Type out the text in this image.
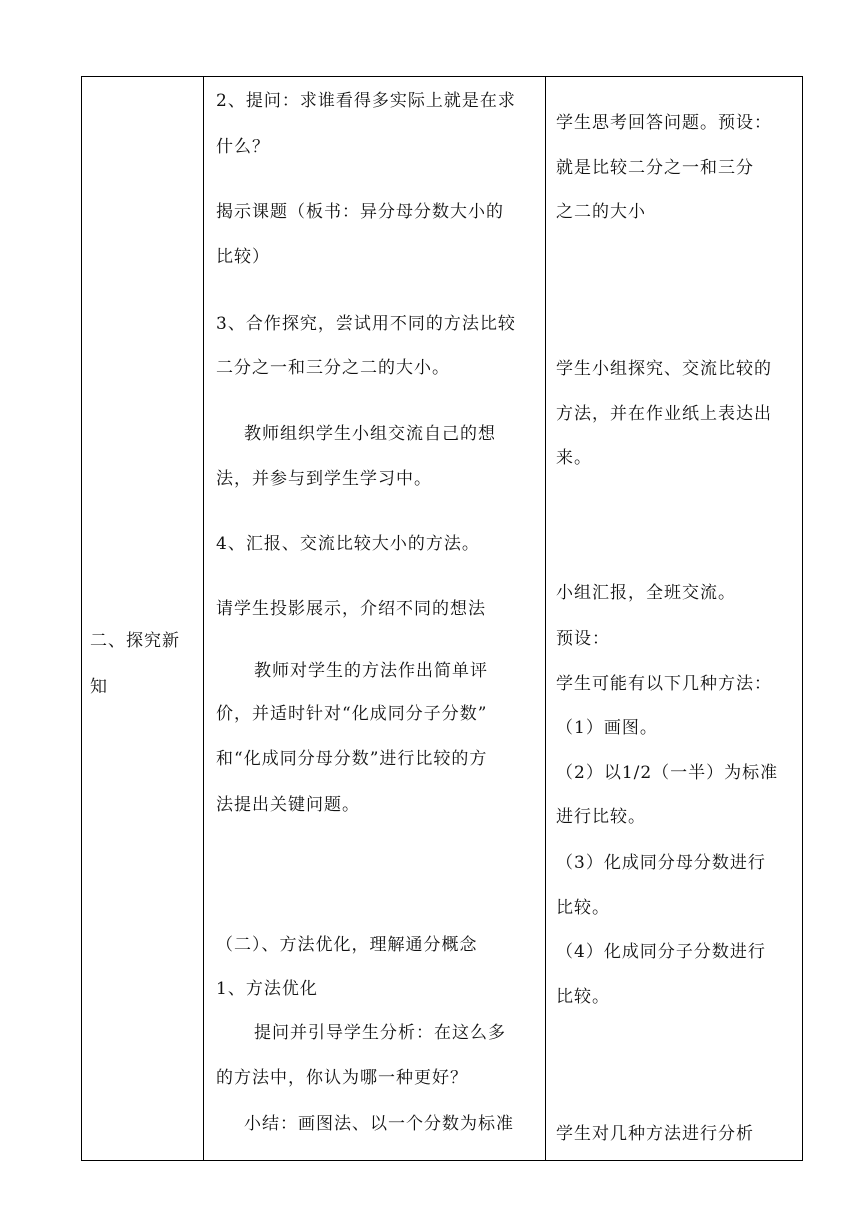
二、探究新
知
2、提问：求谁看得多实际上就是在求
什么？
揭示课题（板书：异分母分数大小的
比较）
3、合作探究，尝试用不同的方法比较
二分之一和三分之二的大小。
教师组织学生小组交流自己的想
法，并参与到学生学习中。
4、汇报、交流比较大小的方法。
请学生投影展示，介绍不同的想法
教师对学生的方法作出简单评
价，并适时针对“化成同分子分数”
和“化成同分母分数”进行比较的方
法提出关键问题。
（二）、方法优化，理解通分概念
1、方法优化
提问并引导学生分析：在这么多
的方法中，你认为哪一种更好？
小结：画图法、以一个分数为标准
学生思考回答问题。预设：
就是比较二分之一和三分
之二的大小
学生小组探究、交流比较的
方法，并在作业纸上表达出
来。
小组汇报，全班交流。
预设：
学生可能有以下几种方法：
（1）画图。
（2）以1/2（一半）为标准
进行比较。
（3）化成同分母分数进行
比较。
（4）化成同分子分数进行
比较。
学生对几种方法进行分析
